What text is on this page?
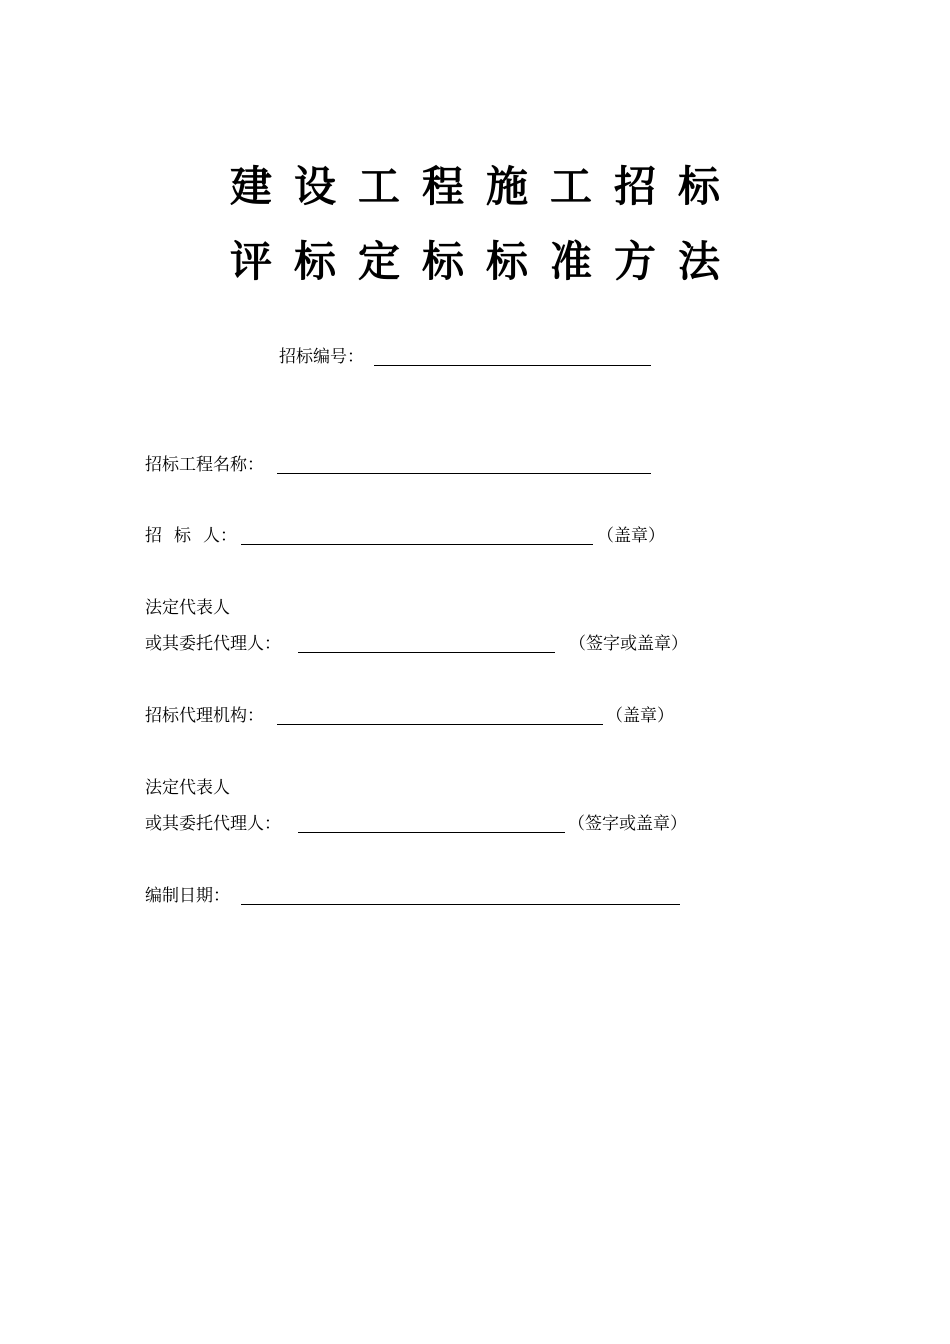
建设工程施工招标
评标定标标准方法
招标编号：
招标工程名称：
招 标 人：	（盖章）
法定代表人
或其委托代理人：	（签字或盖章）
招标代理机构：	（盖章）
法定代表人
或其委托代理人：	（签字或盖章）
编制日期：
